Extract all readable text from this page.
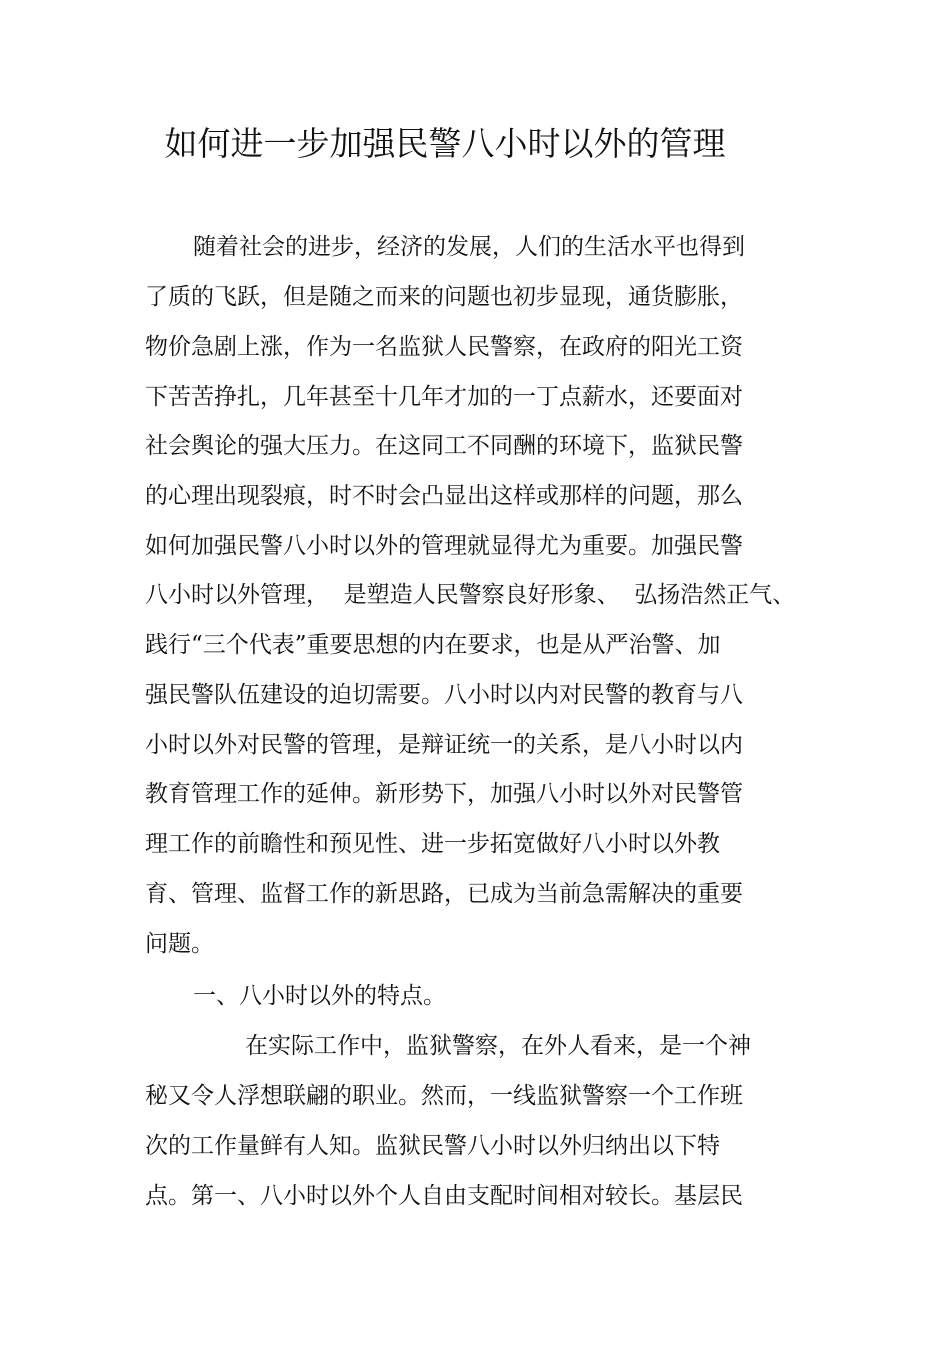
如何进一步加强民警八小时以外的管理

随着社会的进步，经济的发展，人们的生活水平也得到

了质的飞跃，但是随之而来的问题也初步显现，通货膨胀，

物价急剧上涨，作为一名监狱人民警察，在政府的阳光工资

下苦苦挣扎，几年甚至十几年才加的一丁点薪水，还要面对

社会舆论的强大压力。在这同工不同酬的环境下，监狱民警

的心理出现裂痕，时不时会凸显出这样或那样的问题，那么

如何加强民警八小时以外的管理就显得尤为重要。加强民警

八小时以外管理，  是塑造人民警察良好形象、  弘扬浩然正气、

践行“三个代表”重要思想的内在要求，也是从严治警、加

强民警队伍建设的迫切需要。八小时以内对民警的教育与八

小时以外对民警的管理，是辩证统一的关系，是八小时以内

教育管理工作的延伸。新形势下，加强八小时以外对民警管

理工作的前瞻性和预见性、进一步拓宽做好八小时以外教

育、管理、监督工作的新思路，已成为当前急需解决的重要

问题。

一、八小时以外的特点。

在实际工作中，监狱警察，在外人看来，是一个神

秘又令人浮想联翩的职业。然而，一线监狱警察一个工作班

次的工作量鲜有人知。监狱民警八小时以外归纳出以下特

点。第一、八小时以外个人自由支配时间相对较长。基层民
